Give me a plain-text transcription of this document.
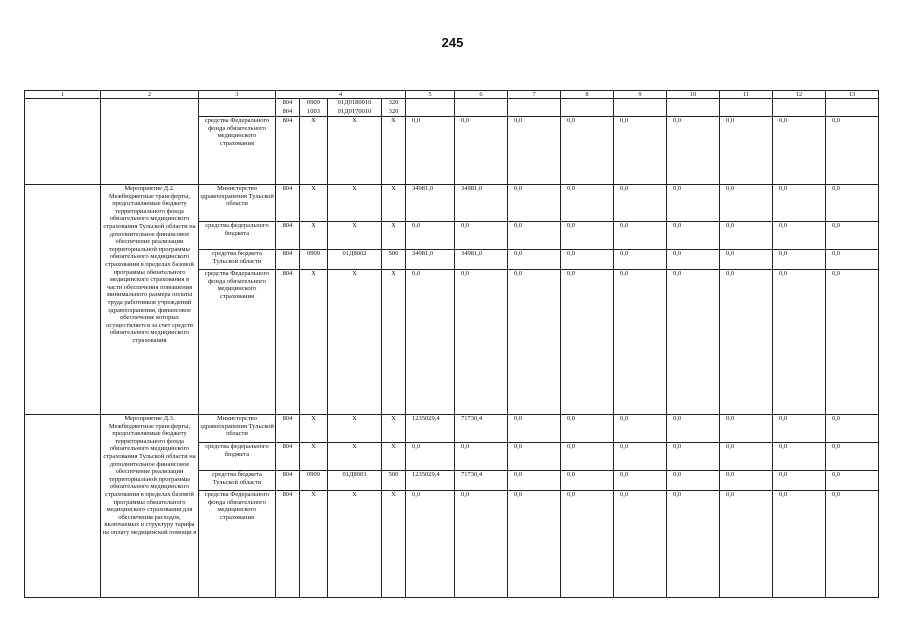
245
1	2	3	4				5	6	7	8	9	10	11	12	13
			804	0909	01Д0180010	320									
			804	1003	01Д0170010	320									
		средства Федерального фонда обязательного медицинского страхования	804	X	X	X	0,0	0,0	0,0	0,0	0,0	0,0	0,0	0,0	0,0
	Мероприятие Д.2. Межбюджетные трансферты, предоставляемые бюджету территориального фонда обязательного медицинского страхования Тульской области на дополнительное финансовое обеспечение реализации территориальной программы обязательного медицинского страхования в пределах базовой программы обязательного медицинского страхования в части обеспечения повышения минимального размера оплаты труда работников учреждений здравоохранения, финансовое обеспечение которых осуществляется за счет средств обязательного медицинского страхования	Министерство здравоохранения Тульской области	804	X	X	X	34981,0	34981,0	0,0	0,0	0,0	0,0	0,0	0,0	0,0
		средства федерального бюджета	804	X	X	X	0,0	0,0	0,0	0,0	0,0	0,0	0,0	0,0	0,0
		средства бюджета Тульской области	804	0909	01Д8002	500	34981,0	34981,0	0,0	0,0	0,0	0,0	0,0	0,0	0,0
		средства Федерального фонда обязательного медицинского страхования	804	X	X	X	0,0	0,0	0,0	0,0	0,0	0,0	0,0	0,0	0,0
	Мероприятие Д.3. Межбюджетные трансферты, предоставляемые бюджету территориального фонда обязательного медицинского страхования Тульской области на дополнительное финансовое обеспечение реализации территориальной программы обязательного медицинского страхования в пределах базовой программы обязательного медицинского страхования для обеспечения расходов, включаемых в структуру тарифа на оплату медицинской помощи в	Министерство здравоохранения Тульской области	804	X	X	X	1235029,4	71730,4	0,0	0,0	0,0	0,0	0,0	0,0	0,0
		средства федерального бюджета	804	X	X	X	0,0	0,0	0,0	0,0	0,0	0,0	0,0	0,0	0,0
		средства бюджета Тульской области	804	0909	01Д8003	500	1235029,4	71730,4	0,0	0,0	0,0	0,0	0,0	0,0	0,0
		средства Федерального фонда обязательного медицинского страхования	804	X	X	X	0,0	0,0	0,0	0,0	0,0	0,0	0,0	0,0	0,0
